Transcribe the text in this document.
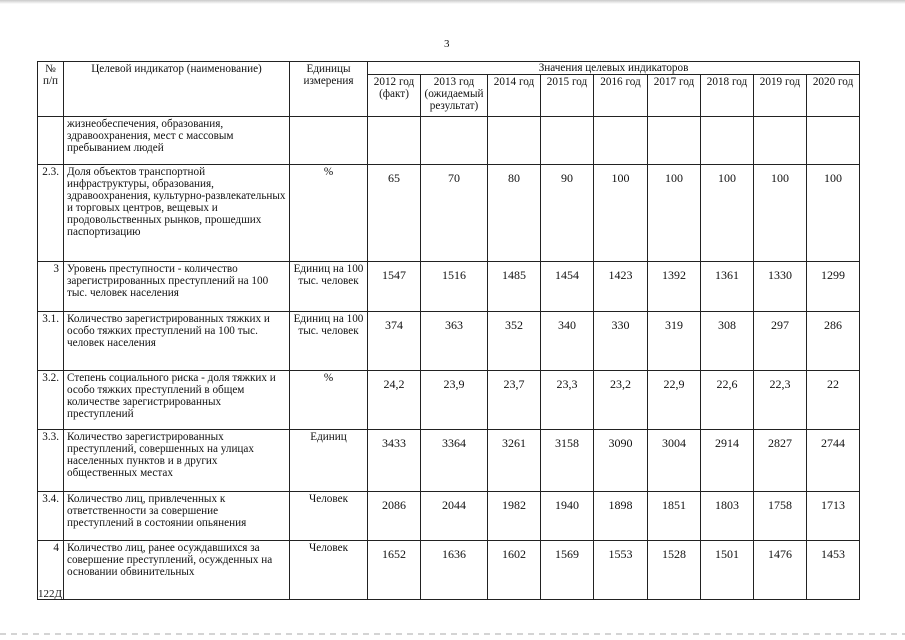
3
№ п/п	Целевой индикатор (наименование)	Единицы измерения	Значения целевых индикаторов								
			2012 год (факт)	2013 год (ожидаемый результат)	2014 год	2015 год	2016 год	2017 год	2018 год	2019 год	2020 год
	жизнеобеспечения, образования, здравоохранения, мест с массовым пребыванием людей										
2.3.	Доля объектов транспортной инфраструктуры, образования, здравоохранения, культурно-развлекательных и торговых центров, вещевых и продовольственных рынков, прошедших паспортизацию	%	65	70	80	90	100	100	100	100	100
3	Уровень преступности - количество зарегистрированных преступлений на 100 тыс. человек населения	Единиц на 100 тыс. человек	1547	1516	1485	1454	1423	1392	1361	1330	1299
3.1.	Количество зарегистрированных тяжких и особо тяжких преступлений на 100 тыс. человек населения	Единиц на 100 тыс. человек	374	363	352	340	330	319	308	297	286
3.2.	Степень социального риска - доля тяжких и особо тяжких преступлений в общем количестве зарегистрированных преступлений	%	24,2	23,9	23,7	23,3	23,2	22,9	22,6	22,3	22
3.3.	Количество зарегистрированных преступлений, совершенных на улицах населенных пунктов и в других общественных местах	Единиц	3433	3364	3261	3158	3090	3004	2914	2827	2744
3.4.	Количество лиц, привлеченных к ответственности за совершение преступлений в состоянии опьянения	Человек	2086	2044	1982	1940	1898	1851	1803	1758	1713
4	Количество лиц, ранее осуждавшихся за совершение преступлений, осужденных на основании обвинительных	Человек	1652	1636	1602	1569	1553	1528	1501	1476	1453
122Д
